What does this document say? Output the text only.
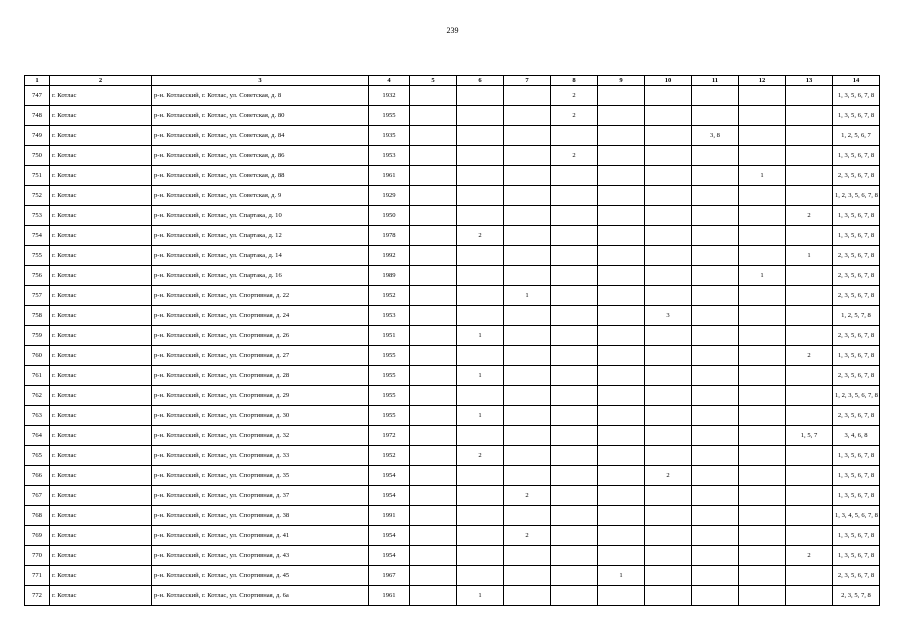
239
1	2	3	4	5	6	7	8	9	10	11	12	13	14
747	г. Котлас	р-н. Котласский, г. Котлас, ул. Советская, д. 8	1932				2						1, 3, 5, 6, 7, 8
748	г. Котлас	р-н. Котласский, г. Котлас, ул. Советская, д. 80	1955				2						1, 3, 5, 6, 7, 8
749	г. Котлас	р-н. Котласский, г. Котлас, ул. Советская, д. 84	1935							3, 8			1, 2, 5, 6, 7
750	г. Котлас	р-н. Котласский, г. Котлас, ул. Советская, д. 86	1953				2						1, 3, 5, 6, 7, 8
751	г. Котлас	р-н. Котласский, г. Котлас, ул. Советская, д. 88	1961								1		2, 3, 5, 6, 7, 8
752	г. Котлас	р-н. Котласский, г. Котлас, ул. Советская, д. 9	1929										1, 2, 3, 5, 6, 7, 8
753	г. Котлас	р-н. Котласский, г. Котлас, ул. Спартака, д. 10	1950									2	1, 3, 5, 6, 7, 8
754	г. Котлас	р-н. Котласский, г. Котлас, ул. Спартака, д. 12	1978		2								1, 3, 5, 6, 7, 8
755	г. Котлас	р-н. Котласский, г. Котлас, ул. Спартака, д. 14	1992									1	2, 3, 5, 6, 7, 8
756	г. Котлас	р-н. Котласский, г. Котлас, ул. Спартака, д. 16	1989								1		2, 3, 5, 6, 7, 8
757	г. Котлас	р-н. Котласский, г. Котлас, ул. Спортивная, д. 22	1952			1							2, 3, 5, 6, 7, 8
758	г. Котлас	р-н. Котласский, г. Котлас, ул. Спортивная, д. 24	1953						3				1, 2, 5, 7, 8
759	г. Котлас	р-н. Котласский, г. Котлас, ул. Спортивная, д. 26	1951		1								2, 3, 5, 6, 7, 8
760	г. Котлас	р-н. Котласский, г. Котлас, ул. Спортивная, д. 27	1955									2	1, 3, 5, 6, 7, 8
761	г. Котлас	р-н. Котласский, г. Котлас, ул. Спортивная, д. 28	1955		1								2, 3, 5, 6, 7, 8
762	г. Котлас	р-н. Котласский, г. Котлас, ул. Спортивная, д. 29	1955										1, 2, 3, 5, 6, 7, 8
763	г. Котлас	р-н. Котласский, г. Котлас, ул. Спортивная, д. 30	1955		1								2, 3, 5, 6, 7, 8
764	г. Котлас	р-н. Котласский, г. Котлас, ул. Спортивная, д. 32	1972									1, 5, 7	3, 4, 6, 8
765	г. Котлас	р-н. Котласский, г. Котлас, ул. Спортивная, д. 33	1952		2								1, 3, 5, 6, 7, 8
766	г. Котлас	р-н. Котласский, г. Котлас, ул. Спортивная, д. 35	1954						2				1, 3, 5, 6, 7, 8
767	г. Котлас	р-н. Котласский, г. Котлас, ул. Спортивная, д. 37	1954			2							1, 3, 5, 6, 7, 8
768	г. Котлас	р-н. Котласский, г. Котлас, ул. Спортивная, д. 38	1991										1, 3, 4, 5, 6, 7, 8
769	г. Котлас	р-н. Котласский, г. Котлас, ул. Спортивная, д. 41	1954			2							1, 3, 5, 6, 7, 8
770	г. Котлас	р-н. Котласский, г. Котлас, ул. Спортивная, д. 43	1954									2	1, 3, 5, 6, 7, 8
771	г. Котлас	р-н. Котласский, г. Котлас, ул. Спортивная, д. 45	1967					1					2, 3, 5, 6, 7, 8
772	г. Котлас	р-н. Котласский, г. Котлас, ул. Спортивная, д. 6а	1961		1								2, 3, 5, 7, 8
